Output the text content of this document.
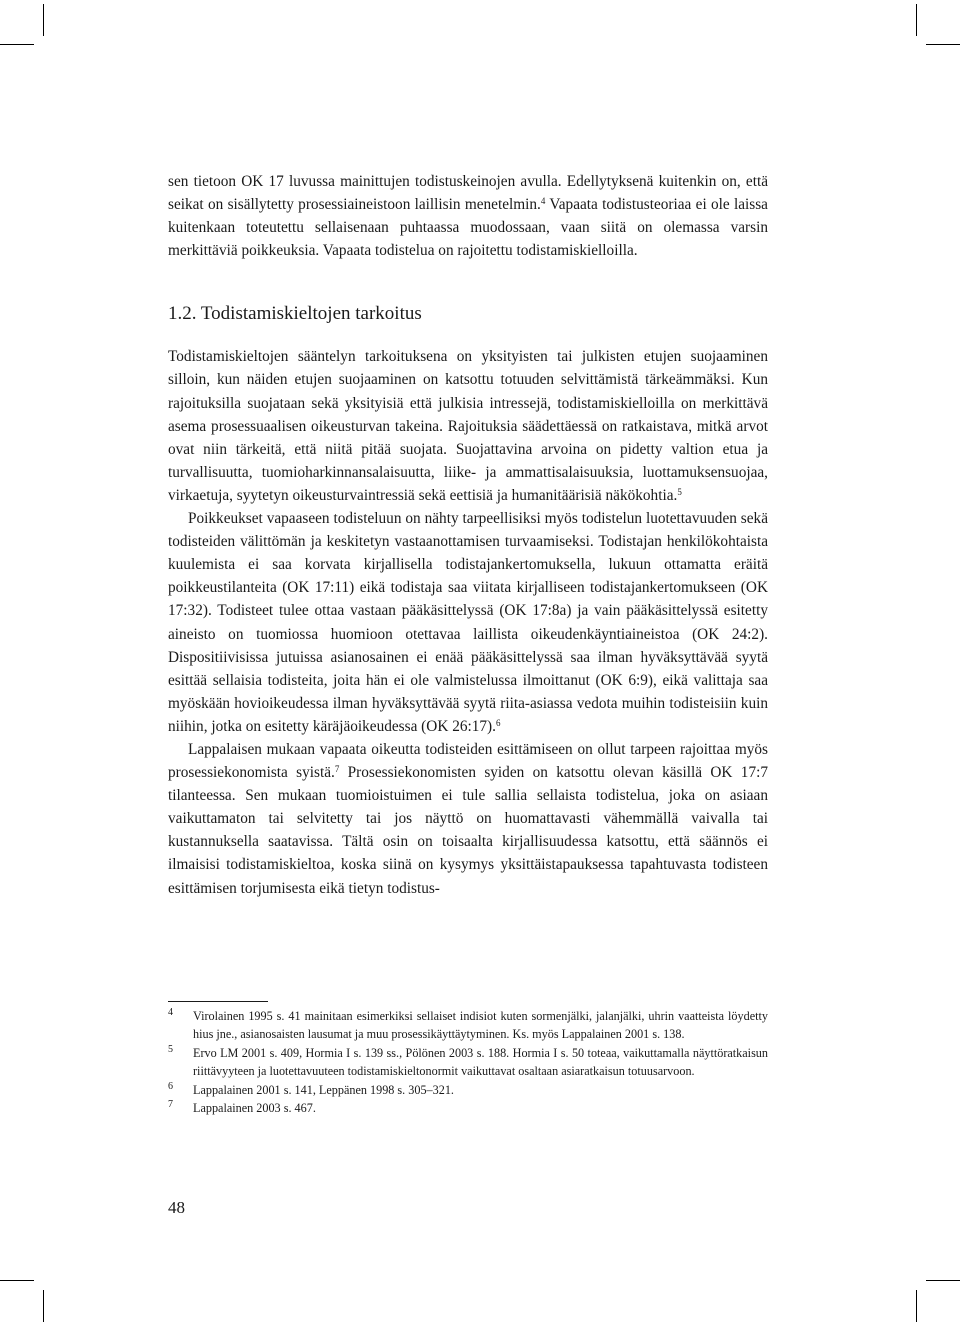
sen tietoon OK 17 luvussa mainittujen todistuskeinojen avulla. Edellytyksenä kuitenkin on, että seikat on sisällytetty prosessiaineistoon laillisin menetelmin.$^4$ Vapaata todistusteoriaa ei ole laissa kuitenkaan toteutettu sellaisenaan puhtaassa muodossaan, vaan siitä on olemassa varsin merkittäviä poikkeuksia. Vapaata todistelua on rajoitettu todistamiskielloilla.

1.2. Todistamiskieltojen tarkoitus

Todistamiskieltojen sääntelyn tarkoituksena on yksityisten tai julkisten etujen suojaaminen silloin, kun näiden etujen suojaaminen on katsottu totuuden selvittämistä tärkeämmäksi. Kun rajoituksilla suojataan sekä yksityisiä että julkisia intressejä, todistamiskielloilla on merkittävä asema prosessuaalisen oikeusturvan takeina. Rajoituksia säädettäessä on ratkaistava, mitkä arvot ovat niin tärkeitä, että niitä pitää suojata. Suojattavina arvoina on pidetty valtion etua ja turvallisuutta, tuomioharkinnansalaisuutta, liike- ja ammattisalaisuuksia, luottamuksensuojaa, virkaetuja, syytetyn oikeusturvaintressiä sekä eettisiä ja humanitäärisiä näkökohtia.$^5$

Poikkeukset vapaaseen todisteluun on nähty tarpeellisiksi myös todistelun luotettavuuden sekä todisteiden välittömän ja keskitetyn vastaanottamisen turvaamiseksi. Todistajan henkilökohtaista kuulemista ei saa korvata kirjallisella todistajankertomuksella, lukuun ottamatta eräitä poikkeustilanteita (OK 17:11) eikä todistaja saa viitata kirjalliseen todistajankertomukseen (OK 17:32). Todisteet tulee ottaa vastaan pääkäsittelyssä (OK 17:8a) ja vain pääkäsittelyssä esitetty aineisto on tuomiossa huomioon otettavaa laillista oikeudenkäyntiaineistoa (OK 24:2). Dispositiivisissa jutuissa asianosainen ei enää pääkäsittelyssä saa ilman hyväksyttävää syytä esittää sellaisia todisteita, joita hän ei ole valmistelussa ilmoittanut (OK 6:9), eikä valittaja saa myöskään hovioikeudessa ilman hyväksyttävää syytä riita-asiassa vedota muihin todisteisiin kuin niihin, jotka on esitetty käräjäoikeudessa (OK 26:17).$^6$

Lappalaisen mukaan vapaata oikeutta todisteiden esittämiseen on ollut tarpeen rajoittaa myös prosessiekonomista syistä.$^7$ Prosessiekonomisten syiden on katsottu olevan käsillä OK 17:7 tilanteessa. Sen mukaan tuomioistuimen ei tule sallia sellaista todistelua, joka on asiaan vaikuttamaton tai selvitetty tai jos näyttö on huomattavasti vähemmällä vaivalla tai kustannuksella saatavissa. Tältä osin on toisaalta kirjallisuudessa katsottu, että säännös ei ilmaisisi todistamiskieltoa, koska siinä on kysymys yksittäistapauksessa tapahtuvasta todisteen esittämisen torjumisesta eikä tietyn todistus-

4 Virolainen 1995 s. 41 mainitaan esimerkiksi sellaiset indisiot kuten sormenjälki, jalanjälki, uhrin vaatteista löydetty hius jne., asianosaisten lausumat ja muu prosessikäyttäytyminen. Ks. myös Lappalainen 2001 s. 138.
5 Ervo LM 2001 s. 409, Hormia I s. 139 ss., Pölönen 2003 s. 188. Hormia I s. 50 toteaa, vaikuttamalla näyttöratkaisun riittävyyteen ja luotettavuuteen todistamiskieltonormit vaikuttavat osaltaan asiaratkaisun totuusarvoon.
6 Lappalainen 2001 s. 141, Leppänen 1998 s. 305–321.
7 Lappalainen 2003 s. 467.
48
